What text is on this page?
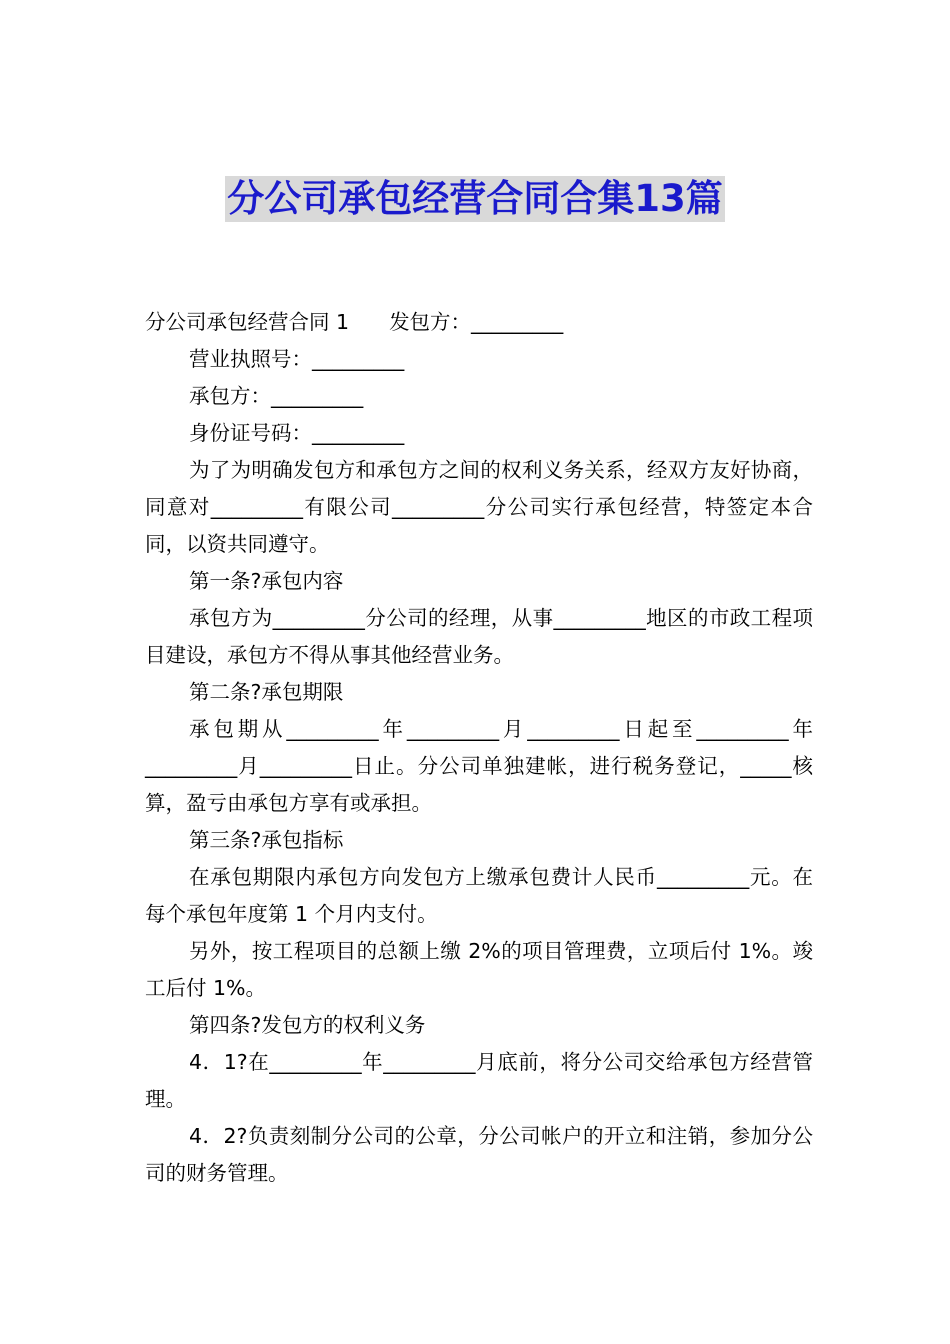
分公司承包经营合同合集13篇

分公司承包经营合同 1 发包方：_________

营业执照号：_________

承包方：_________

身份证号码：_________

为了为明确发包方和承包方之间的权利义务关系，经双方友好协商，同意对_________有限公司_________分公司实行承包经营，特签定本合同，以资共同遵守。

第一条?承包内容

承包方为_________分公司的经理，从事_________地区的市政工程项目建设，承包方不得从事其他经营业务。

第二条?承包期限

承包期从_________年_________月_________日起至_________年_________月_________日止。分公司单独建帐，进行税务登记，_____核算，盈亏由承包方享有或承担。

第三条?承包指标

在承包期限内承包方向发包方上缴承包费计人民币_________元。在每个承包年度第 1 个月内支付。

另外，按工程项目的总额上缴 2%的项目管理费，立项后付 1%。竣工后付 1%。

第四条?发包方的权利义务

4．1?在_________年_________月底前，将分公司交给承包方经营管理。

4．2?负责刻制分公司的公章，分公司帐户的开立和注销，参加分公司的财务管理。
